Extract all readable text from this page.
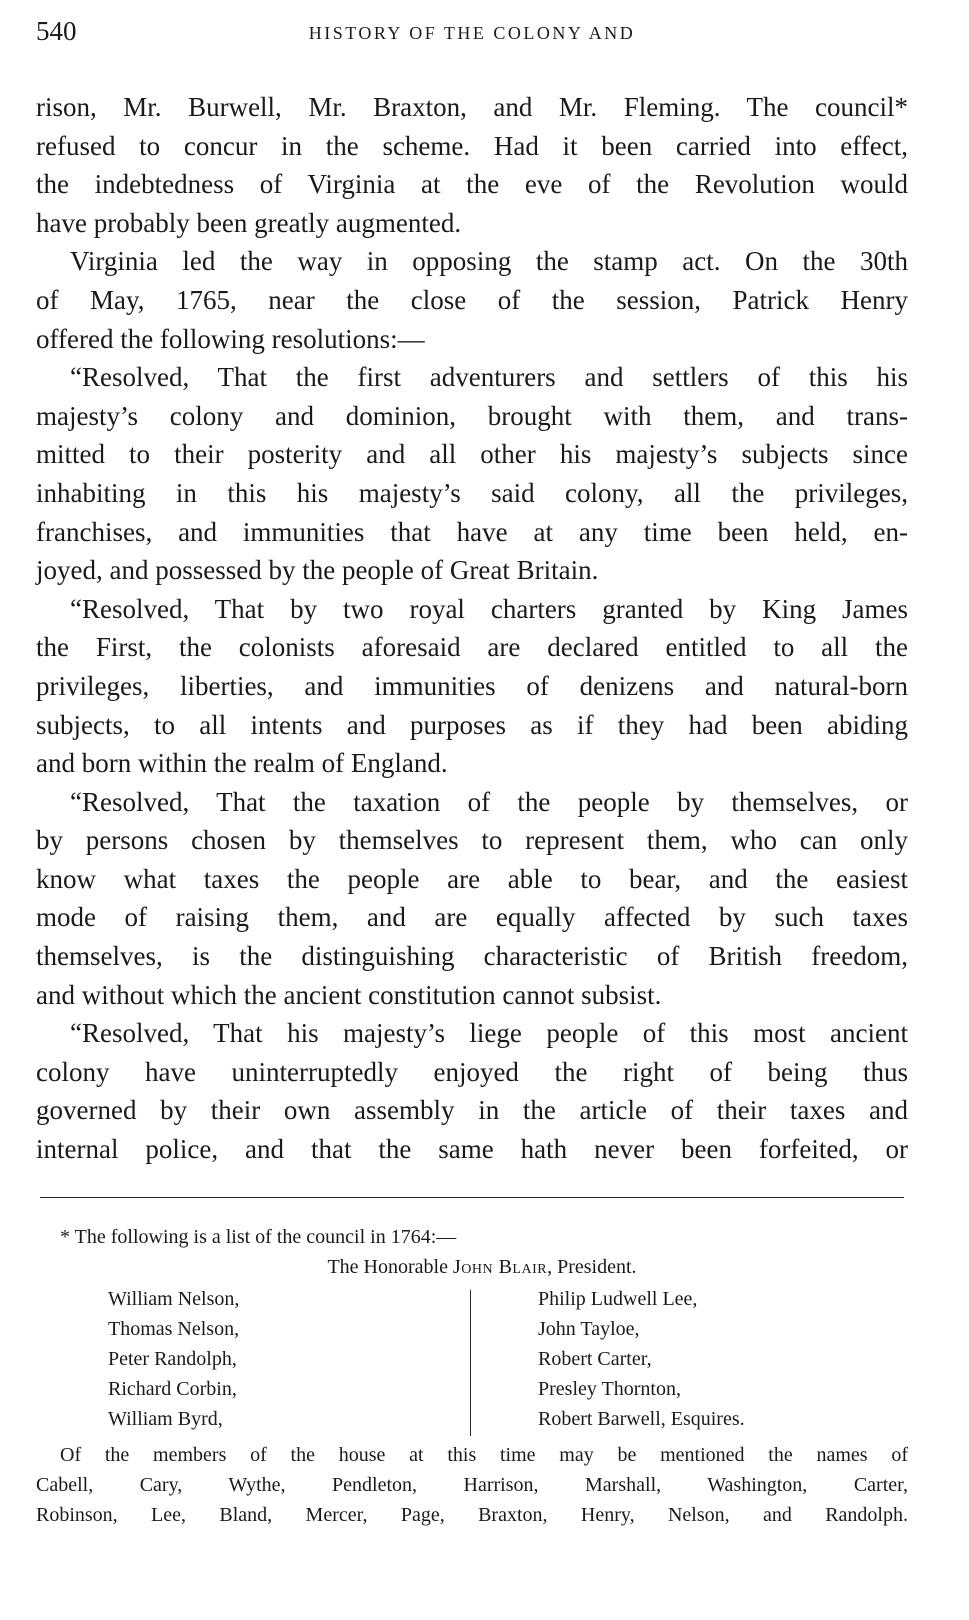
540	HISTORY OF THE COLONY AND

rison, Mr. Burwell, Mr. Braxton, and Mr. Fleming. The council*

refused to concur in the scheme. Had it been carried into effect,

the indebtedness of Virginia at the eve of the Revolution would

have probably been greatly augmented.

Virginia led the way in opposing the stamp act. On the 30th

of May, 1765, near the close of the session, Patrick Henry

offered the following resolutions:—

“Resolved, That the first adventurers and settlers of this his

majesty’s colony and dominion, brought with them, and trans-

mitted to their posterity and all other his majesty’s subjects since

inhabiting in this his majesty’s said colony, all the privileges,

franchises, and immunities that have at any time been held, en-

joyed, and possessed by the people of Great Britain.

“Resolved, That by two royal charters granted by King James

the First, the colonists aforesaid are declared entitled to all the

privileges, liberties, and immunities of denizens and natural-born

subjects, to all intents and purposes as if they had been abiding

and born within the realm of England.

“Resolved, That the taxation of the people by themselves, or

by persons chosen by themselves to represent them, who can only

know what taxes the people are able to bear, and the easiest

mode of raising them, and are equally affected by such taxes

themselves, is the distinguishing characteristic of British freedom,

and without which the ancient constitution cannot subsist.

“Resolved, That his majesty’s liege people of this most ancient

colony have uninterruptedly enjoyed the right of being thus

governed by their own assembly in the article of their taxes and

internal police, and that the same hath never been forfeited, or

* The following is a list of the council in 1764:—
The Honorable John Blair, President.
William Nelson,
Thomas Nelson,
Peter Randolph,
Richard Corbin,
William Byrd,
Philip Ludwell Lee,
John Tayloe,
Robert Carter,
Presley Thornton,
Robert Barwell, Esquires.
Of the members of the house at this time may be mentioned the names of
Cabell, Cary, Wythe, Pendleton, Harrison, Marshall, Washington, Carter,
Robinson, Lee, Bland, Mercer, Page, Braxton, Henry, Nelson, and Randolph.
